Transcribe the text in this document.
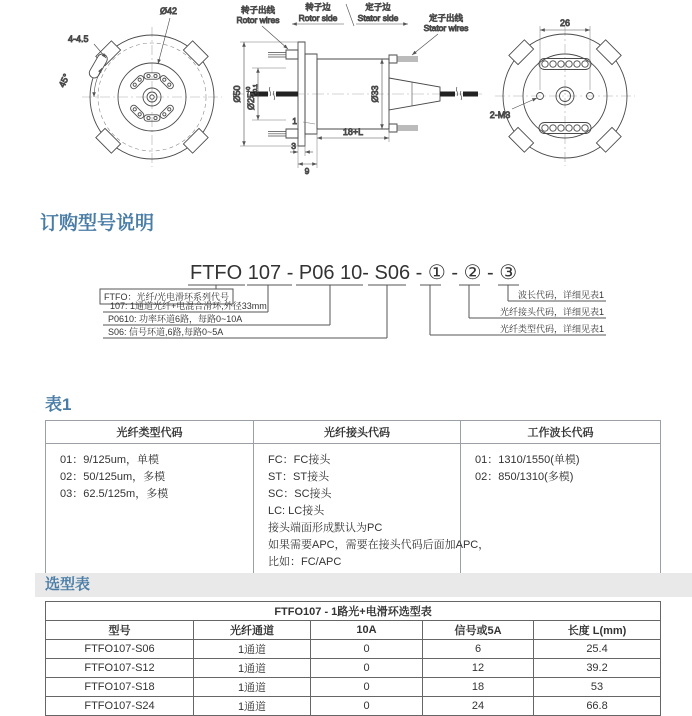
Ø42
4-4.5
45°
Ø50 $Ø25^{+0}-0.1$	Ø33
18+L
1
3
9
转子出线
Rotor wires
转子边
Rotor side
定子边
Stator side	定子出线
Stator wires	26
2-M3
订购型号说明
FTFO 107 - P06 10- S06 - ① - ② - ③
FTFO：光纤/光电滑环系列代号
107: 1通道光纤+电混合滑环,外径33mm
P0610: 功率环道6路，每路0~10A
S06: 信号环道,6路,每路0~5A
波长代码，详细见表1
光纤接头代码，详细见表1
光纤类型代码，详细见表1
表1
光纤类型代码	光纤接头代码	工作波长代码

01：9/125um，单模
02：50/125um，多模
03：62.5/125m，多模

FC：FC接头
ST：ST接头
SC：SC接头
LC: LC接头
接头端面形成默认为PC
如果需要APC，需要在接头代码后面加APC，
比如：FC/APC

01：1310/1550(单模)
02：850/1310(多模)
选型表
FTFO107 - 1路光+电滑环选型表				
型号	光纤通道	10A	信号或5A	长度 L(mm)
FTFO107-S06	1通道	0	6	25.4
FTFO107-S12	1通道	0	12	39.2
FTFO107-S18	1通道	0	18	53
FTFO107-S24	1通道	0	24	66.8
